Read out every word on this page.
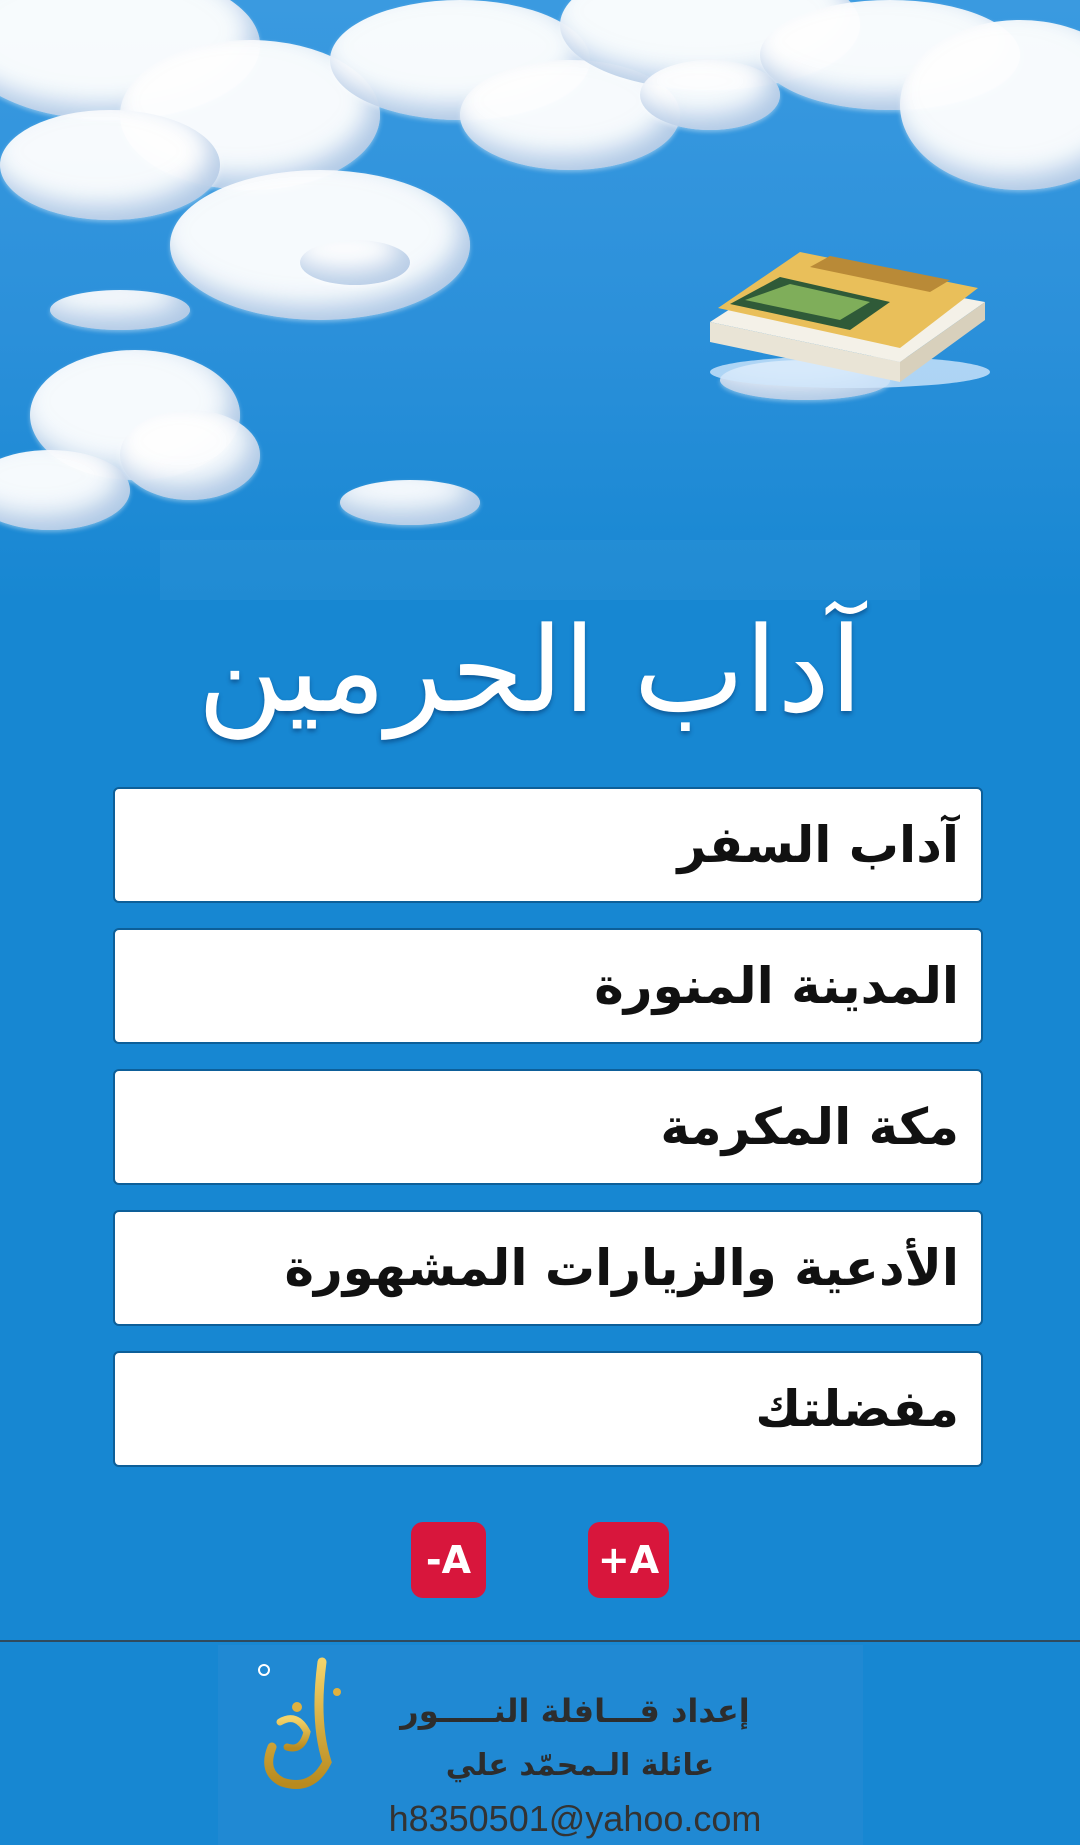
آداب الحرمين
آداب السفر
المدينة المنورة
مكة المكرمة
الأدعية والزيارات المشهورة
مفضلتك
-A	+A
إعداد قـــافلة النـــــور
عائلة الـمحمّد علي
h8350501@yahoo.com
